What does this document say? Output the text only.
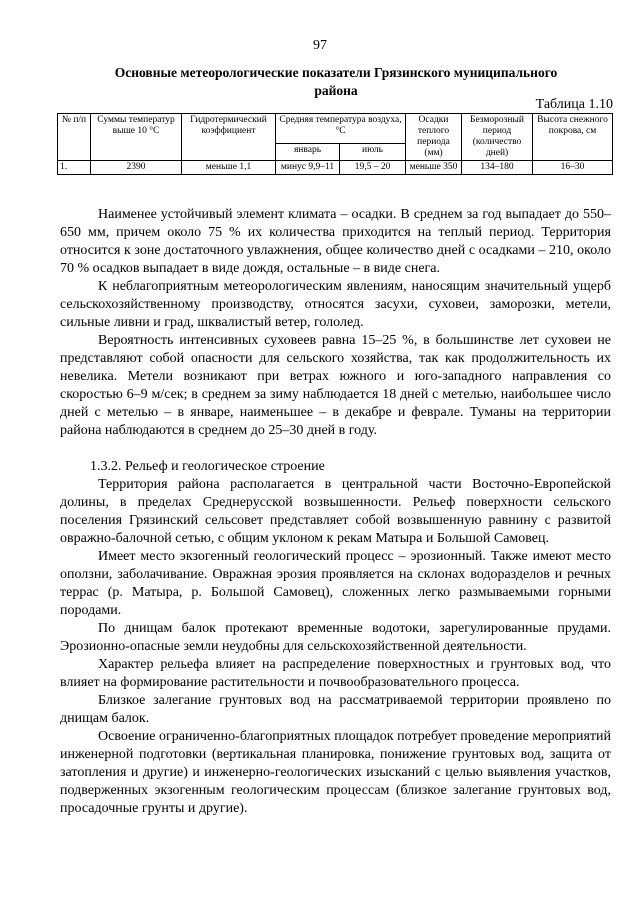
97
Основные метеорологические показатели Грязинского муниципального
района
Таблица 1.10
№ п/п	Суммы температур выше 10 °С	Гидротермический коэффициент	Средняя температура воздуха, °С		Осадки теплого периода (мм)	Безморозный период (количество дней)	Высота снежного покрова, см
			январь	июль			
1.	2390	меньше 1,1	минус 9,9–11	19,5 – 20	меньше 350	134–180	16–30

Наименее устойчивый элемент климата – осадки. В среднем за год выпадает до 550–650 мм, причем около 75 % их количества приходится на теплый период. Территория относится к зоне достаточного увлажнения, общее количество дней с осадками – 210, около 70 % осадков выпадает в виде дождя, остальные – в виде снега.

К неблагоприятным метеорологическим явлениям, наносящим значительный ущерб сельскохозяйственному производству, относятся засухи, суховеи, заморозки, метели, сильные ливни и град, шквалистый ветер, гололед.

Вероятность интенсивных суховеев равна 15–25 %, в большинстве лет суховеи не представляют собой опасности для сельского хозяйства, так как продолжительность их невелика. Метели возникают при ветрах южного и юго-западного направления со скоростью 6–9 м/сек; в среднем за зиму наблюдается 18 дней с метелью, наибольшее число дней с метелью – в январе, наименьшее – в декабре и феврале. Туманы на территории района наблюдаются в среднем до 25–30 дней в году.

1.3.2. Рельеф и геологическое строение

Территория района располагается в центральной части Восточно-Европейской долины, в пределах Среднерусской возвышенности. Рельеф поверхности сельского поселения Грязинский сельсовет представляет собой возвышенную равнину с развитой овражно-балочной сетью, с общим уклоном к рекам Матыра и Большой Самовец.

Имеет место экзогенный геологический процесс – эрозионный. Также имеют место оползни, заболачивание. Овражная эрозия проявляется на склонах водоразделов и речных террас (р. Матыра, р. Большой Самовец), сложенных легко размываемыми горными породами.

По днищам балок протекают временные водотоки, зарегулированные прудами. Эрозионно-опасные земли неудобны для сельскохозяйственной деятельности.

Характер рельефа влияет на распределение поверхностных и грунтовых вод, что влияет на формирование растительности и почвообразовательного процесса.

Близкое залегание грунтовых вод на рассматриваемой территории проявлено по днищам балок.

Освоение ограниченно-благоприятных площадок потребует проведение мероприятий инженерной подготовки (вертикальная планировка, понижение грунтовых вод, защита от затопления и другие) и инженерно-геологических изысканий с целью выявления участков, подверженных экзогенным геологическим процессам (близкое залегание грунтовых вод, просадочные грунты и другие).
